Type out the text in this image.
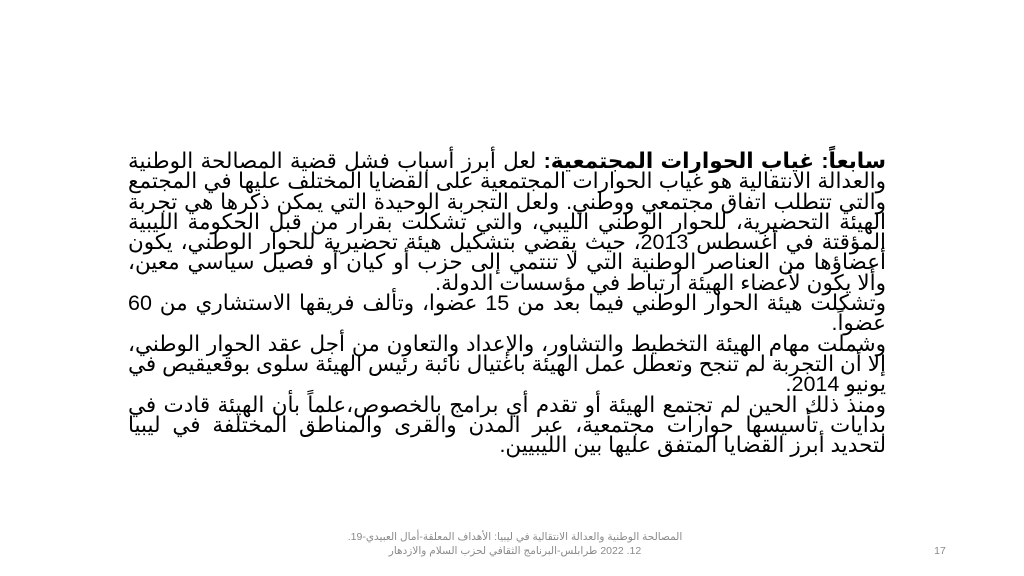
سابعاً: غياب الحوارات المجتمعية: لعل أبرز أسباب فشل قضية المصالحة الوطنية والعدالة الانتقالية هو غياب الحوارات المجتمعية على القضايا المختلف عليها في المجتمع والتي تتطلب اتفاق مجتمعي ووطني. ولعل التجربة الوحيدة التي يمكن ذكرها هي تجربة الهيئة التحضيرية، للحوار الوطني الليبي، والتي تشكلت بقرار من قبل الحكومة الليبية المؤقتة في أغسطس 2013، حيث يقضي بتشكيل هيئة تحضيرية للحوار الوطني، يكون أعضاؤها من العناصر الوطنية التي لا تنتمي إلى حزب أو كيان أو فصيل سياسي معين، وألا يكون لأعضاء الهيئة ارتباط في مؤسسات الدولة.

وتشكلت هيئة الحوار الوطني فيما بعد من 15 عضوا، وتألف فريقها الاستشاري من 60 عضواً.

وشملت مهام الهيئة التخطيط والتشاور، والإعداد والتعاون من أجل عقد الحوار الوطني، إلا أن التجربة لم تنجح وتعطل عمل الهيئة باغتيال نائبة رئيس الهيئة سلوى بوقعيقيص في يونيو 2014.

ومنذ ذلك الحين لم تجتمع الهيئة أو تقدم أي برامج بالخصوص،علماً بأن الهيئة قادت في بدايات تأسيسها حوارات مجتمعية، عبر المدن والقرى والمناطق المختلفة في ليبيا لتحديد أبرز القضايا المتفق عليها بين الليبيين.

المصالحة الوطنية والعدالة الانتقالية في ليبيا: الأهداف المعلقة-أمال العبيدي-19.
12. 2022 طرابلس-البرنامج الثقافي لحزب السلام والازدهار	17
